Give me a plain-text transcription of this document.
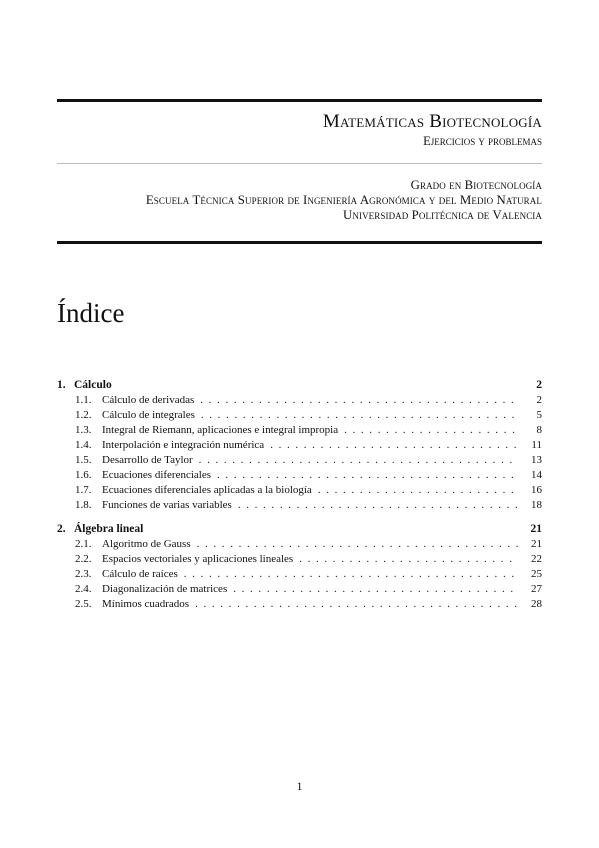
Matemáticas Biotecnología
Ejercicios y problemas
Grado en Biotecnología
Escuela Técnica Superior de Ingeniería Agronómica y del Medio Natural
Universidad Politécnica de Valencia
Índice
1. Cálculo	2
1.1. Cálculo de derivadas . . .	2
1.2. Cálculo de integrales . . .	5
1.3. Integral de Riemann, aplicaciones e integral impropia . . .	8
1.4. Interpolación e integración numérica . . .	11
1.5. Desarrollo de Taylor . . .	13
1.6. Ecuaciones diferenciales . . .	14
1.7. Ecuaciones diferenciales aplicadas a la biología . . .	16
1.8. Funciones de varias variables . . .	18
2. Álgebra lineal	21
2.1. Algoritmo de Gauss . . .	21
2.2. Espacios vectoriales y aplicaciones lineales . . .	22
2.3. Cálculo de raíces . . .	25
2.4. Diagonalización de matrices . . .	27
2.5. Mínimos cuadrados . . .	28
1
